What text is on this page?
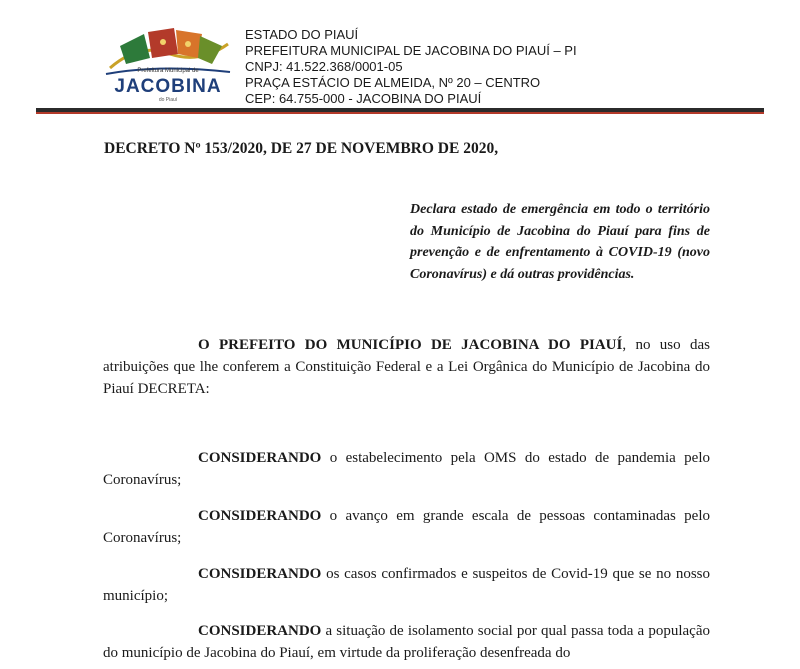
Prefeitura Municipal de
JACOBINA
do Piauí
ESTADO DO PIAUÍ
PREFEITURA MUNICIPAL DE JACOBINA DO PIAUÍ – PI
CNPJ: 41.522.368/0001-05
PRAÇA ESTÁCIO DE ALMEIDA, Nº 20 – CENTRO
CEP: 64.755-000 - JACOBINA DO PIAUÍ
DECRETO Nº 153/2020, DE 27 DE NOVEMBRO DE 2020,
Declara estado de emergência em todo o território do Município de Jacobina do Piauí para fins de prevenção e de enfrentamento à COVID-19 (novo Coronavírus) e dá outras providências.
O PREFEITO DO MUNICÍPIO DE JACOBINA DO PIAUÍ, no uso das atribuições que lhe conferem a Constituição Federal e a Lei Orgânica do Município de Jacobina do Piauí DECRETA:
CONSIDERANDO o estabelecimento pela OMS do estado de pandemia pelo Coronavírus;
CONSIDERANDO o avanço em grande escala de pessoas contaminadas pelo Coronavírus;
CONSIDERANDO os casos confirmados e suspeitos de Covid-19 que se no nosso município;
CONSIDERANDO a situação de isolamento social por qual passa toda a população do município de Jacobina do Piauí, em virtude da proliferação desenfreada do
